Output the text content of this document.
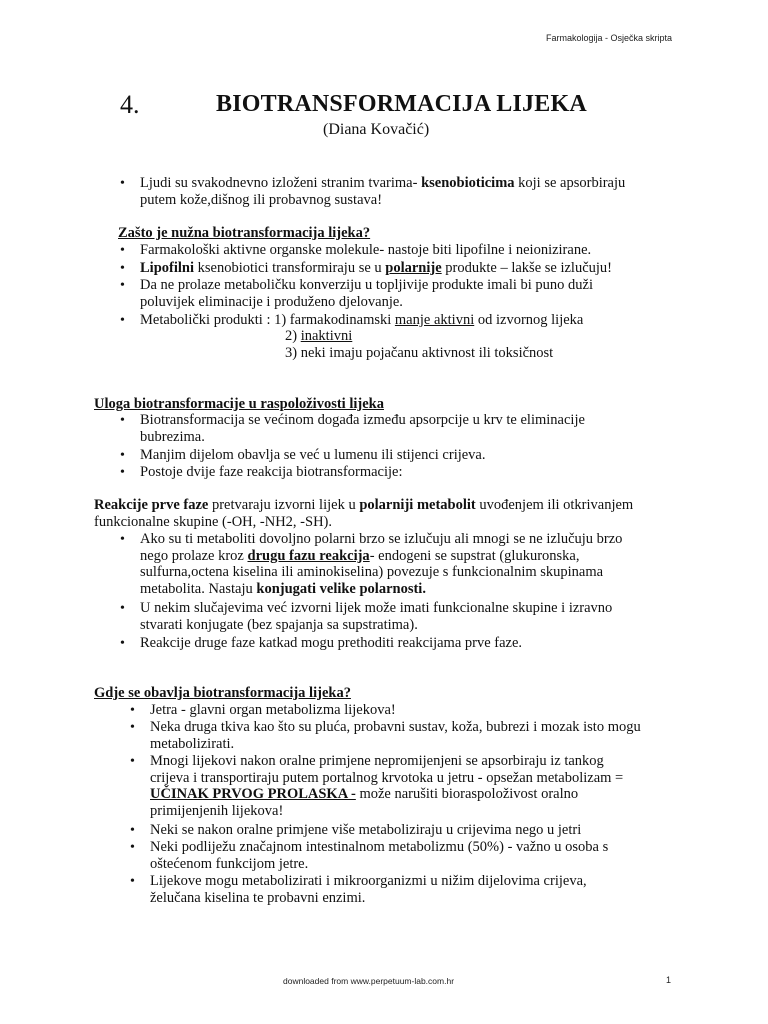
Farmakologija - Osječka skripta
4.	BIOTRANSFORMACIJA LIJEKA
(Diana Kovačić)
• Ljudi su svakodnevno izloženi stranim tvarima- ksenobioticima koji se apsorbiraju
putem kože,dišnog ili probavnog sustava!
Zašto je nužna biotransformacija lijeka?
• Farmakološki aktivne organske molekule- nastoje biti lipofilne i neionizirane.
• Lipofilni ksenobiotici transformiraju se u polarnije produkte – lakše se izlučuju!
• Da ne prolaze metaboličku konverziju u topljivije produkte imali bi puno duži
poluvijek eliminacije i produženo djelovanje.
• Metabolički produkti : 1) farmakodinamski manje aktivni od izvornog lijeka
2) inaktivni
3) neki imaju pojačanu aktivnost ili toksičnost
Uloga biotransformacije u raspoloživosti lijeka
• Biotransformacija se većinom događa između apsorpcije u krv te eliminacije
bubrezima.
• Manjim dijelom obavlja se već u lumenu ili stijenci crijeva.
• Postoje dvije faze reakcija biotransformacije:
Reakcije prve faze pretvaraju izvorni lijek u polarniji metabolit uvođenjem ili otkrivanjem
funkcionalne skupine (-OH, -NH2, -SH).
• Ako su ti metaboliti dovoljno polarni brzo se izlučuju ali mnogi se ne izlučuju brzo
nego prolaze kroz drugu fazu reakcija- endogeni se supstrat (glukuronska,
sulfurna,octena kiselina ili aminokiselina) povezuje s funkcionalnim skupinama
metabolita. Nastaju konjugati velike polarnosti.
• U nekim slučajevima već izvorni lijek može imati funkcionalne skupine i izravno
stvarati konjugate (bez spajanja sa supstratima).
• Reakcije druge faze katkad mogu prethoditi reakcijama prve faze.
Gdje se obavlja biotransformacija lijeka?
• Jetra - glavni organ metabolizma lijekova!
• Neka druga tkiva kao što su pluća, probavni sustav, koža, bubrezi i mozak isto mogu
metabolizirati.
• Mnogi lijekovi nakon oralne primjene nepromijenjeni se apsorbiraju iz tankog
crijeva i transportiraju putem portalnog krvotoka u jetru - opsežan metabolizam =
UČINAK PRVOG PROLASKA - može narušiti bioraspoloživost oralno
primijenjenih lijekova!
• Neki se nakon oralne primjene više metaboliziraju u crijevima nego u jetri
• Neki podliježu značajnom intestinalnom metabolizmu (50%) - važno u osoba s
oštećenom funkcijom jetre.
• Lijekove mogu metabolizirati i mikroorganizmi u nižim dijelovima crijeva,
želučana kiselina te probavni enzimi.
downloaded from www.perpetuum-lab.com.hr	1
